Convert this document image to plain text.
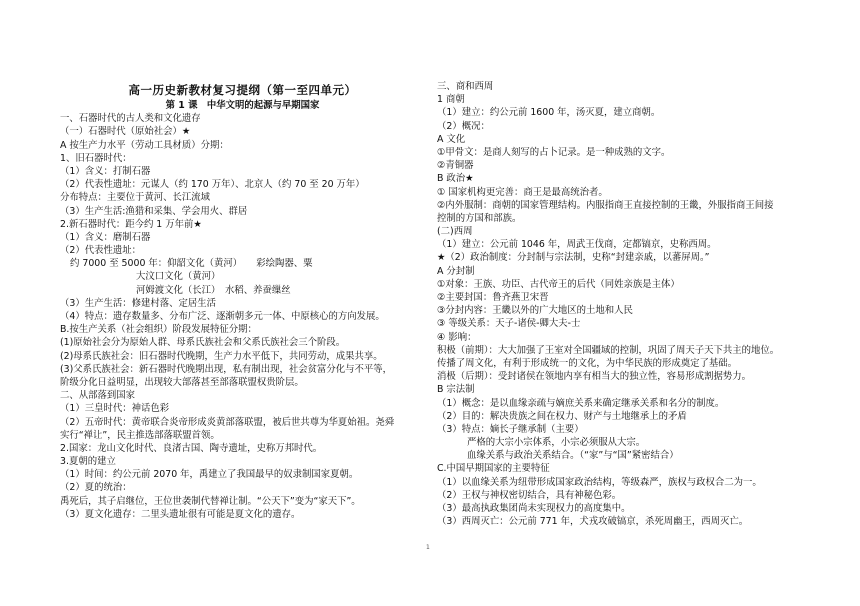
高一历史新教材复习提纲（第一至四单元）
第 1 课　中华文明的起源与早期国家
一、石器时代的古人类和文化遗存
（一）石器时代（原始社会）★
A 按生产力水平（劳动工具材质）分期：
1、旧石器时代：
（1）含义：打制石器
（2）代表性遗址：元谋人（约 170 万年）、北京人（约 70 至 20 万年）
分布特点：主要位于黄河、长江流域
（3）生产生活:渔猎和采集、学会用火、群居
2.新石器时代：距今约 1 万年前★
（1）含义：磨制石器
（2）代表性遗址：
约 7000 至 5000 年：仰韶文化（黄河）　　彩绘陶器、粟
大汶口文化（黄河）
河姆渡文化（长江）　水稻、养蚕缫丝
（3）生产生活：修建村落、定居生活
（4）特点：遗存数量多、分布广泛、逐渐朝多元一体、中原核心的方向发展。
B.按生产关系（社会组织）阶段发展特征分期：
(1)原始社会分为原始人群、母系氏族社会和父系氏族社会三个阶段。
(2)母系氏族社会：旧石器时代晚期，生产力水平低下，共同劳动，成果共享。
(3)父系氏族社会：新石器时代晚期出现，私有制出现，社会贫富分化与不平等，
阶级分化日益明显，出现较大部落甚至部落联盟权贵阶层。
二、从部落到国家
（1）三皇时代：神话色彩
（2）五帝时代：黄帝联合炎帝形成炎黄部落联盟，被后世共尊为华夏始祖。尧舜
实行“禅让”，民主推选部落联盟首领。
2.国家：龙山文化时代、良渚古国、陶寺遗址，史称万邦时代。
3.夏朝的建立
（1）时间：约公元前 2070 年，禹建立了我国最早的奴隶制国家夏朝。
（2）夏的统治：
禹死后，其子启继位，王位世袭制代替禅让制。“公天下”变为“家天下”。
（3）夏文化遗存：二里头遗址很有可能是夏文化的遗存。
三、商和西周
1 商朝
（1）建立：约公元前 1600 年，汤灭夏，建立商朝。
（2）概况：
A 文化
①甲骨文：是商人刻写的占卜记录。是一种成熟的文字。
②青铜器
B 政治★
① 国家机构更完善：商王是最高统治者。
②内外服制：商朝的国家管理结构。内服指商王直接控制的王畿，外服指商王间接
控制的方国和部族。
(二)西周
（1）建立：公元前 1046 年，周武王伐商，定都镐京，史称西周。
★（2）政治制度：分封制与宗法制，史称“封建亲戚，以蕃屏周。”
A 分封制
①对象：王族、功臣、古代帝王的后代（同姓亲族是主体）
②主要封国：鲁齐燕卫宋晋
③分封内容：王畿以外的广大地区的土地和人民
③ 等级关系：天子-诸侯-卿大夫-士
④ 影响：
积极（前期）：大大加强了王室对全国疆域的控制，巩固了周天子天下共主的地位。
传播了周文化，有利于形成统一的文化，为中华民族的形成奠定了基础。
消极（后期）：受封诸侯在领地内享有相当大的独立性，容易形成割据势力。
B 宗法制
（1）概念：是以血缘亲疏与嫡庶关系来确定继承关系和名分的制度。
（2）目的：解决贵族之间在权力、财产与土地继承上的矛盾
（3）特点：嫡长子继承制（主要）
严格的大宗小宗体系，小宗必须服从大宗。
血缘关系与政治关系结合。（“家”与“国”紧密结合）
C.中国早期国家的主要特征
（1）以血缘关系为纽带形成国家政治结构，等级森严，族权与政权合二为一。
（2）王权与神权密切结合，具有神秘色彩。
（3）最高执政集团尚未实现权力的高度集中。
（3）西周灭亡：公元前 771 年，犬戎攻破镐京，杀死周幽王，西周灭亡。
1
